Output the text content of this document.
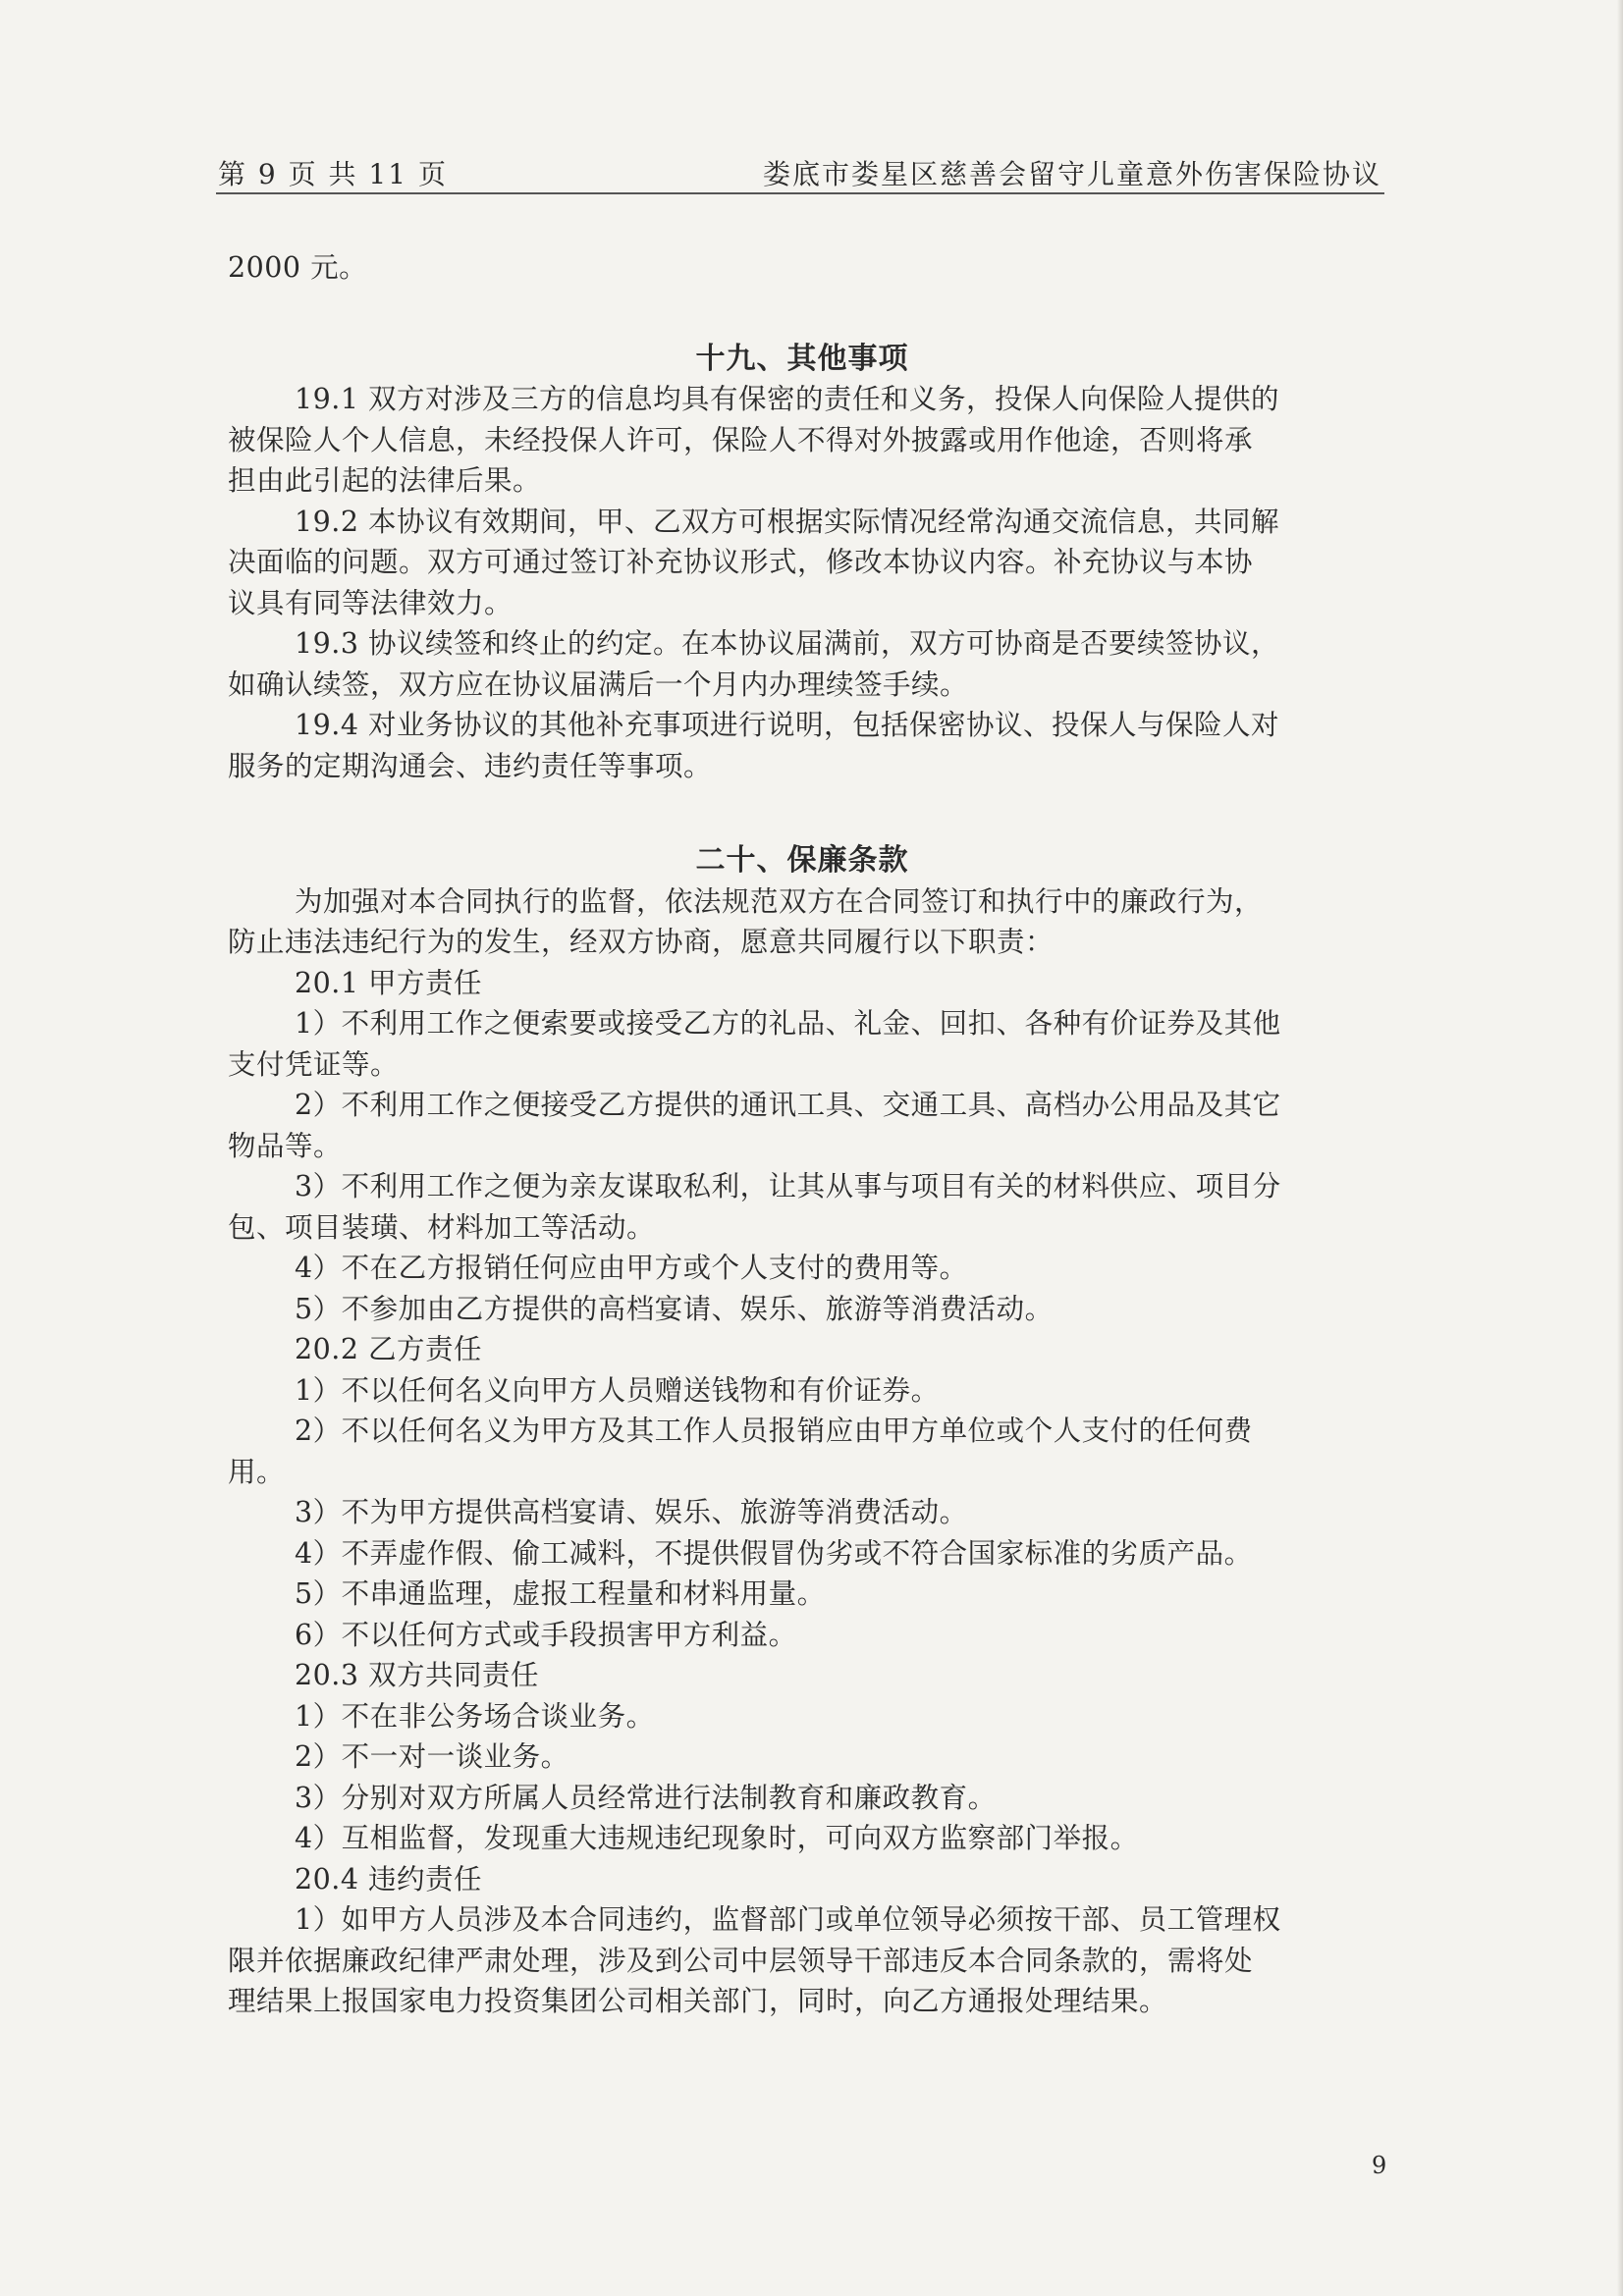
第 9 页 共 11 页	娄底市娄星区慈善会留守儿童意外伤害保险协议

2000 元。

十九、其他事项

19.1 双方对涉及三方的信息均具有保密的责任和义务，投保人向保险人提供的

被保险人个人信息，未经投保人许可，保险人不得对外披露或用作他途，否则将承

担由此引起的法律后果。

19.2 本协议有效期间，甲、乙双方可根据实际情况经常沟通交流信息，共同解

决面临的问题。双方可通过签订补充协议形式，修改本协议内容。补充协议与本协

议具有同等法律效力。

19.3 协议续签和终止的约定。在本协议届满前，双方可协商是否要续签协议，

如确认续签，双方应在协议届满后一个月内办理续签手续。

19.4 对业务协议的其他补充事项进行说明，包括保密协议、投保人与保险人对

服务的定期沟通会、违约责任等事项。

二十、保廉条款

为加强对本合同执行的监督，依法规范双方在合同签订和执行中的廉政行为，

防止违法违纪行为的发生，经双方协商，愿意共同履行以下职责：

20.1 甲方责任

1）不利用工作之便索要或接受乙方的礼品、礼金、回扣、各种有价证券及其他

支付凭证等。

2）不利用工作之便接受乙方提供的通讯工具、交通工具、高档办公用品及其它

物品等。

3）不利用工作之便为亲友谋取私利，让其从事与项目有关的材料供应、项目分

包、项目装璜、材料加工等活动。

4）不在乙方报销任何应由甲方或个人支付的费用等。

5）不参加由乙方提供的高档宴请、娱乐、旅游等消费活动。

20.2 乙方责任

1）不以任何名义向甲方人员赠送钱物和有价证券。

2）不以任何名义为甲方及其工作人员报销应由甲方单位或个人支付的任何费

用。

3）不为甲方提供高档宴请、娱乐、旅游等消费活动。

4）不弄虚作假、偷工减料，不提供假冒伪劣或不符合国家标准的劣质产品。

5）不串通监理，虚报工程量和材料用量。

6）不以任何方式或手段损害甲方利益。

20.3 双方共同责任

1）不在非公务场合谈业务。

2）不一对一谈业务。

3）分别对双方所属人员经常进行法制教育和廉政教育。

4）互相监督，发现重大违规违纪现象时，可向双方监察部门举报。

20.4 违约责任

1）如甲方人员涉及本合同违约，监督部门或单位领导必须按干部、员工管理权

限并依据廉政纪律严肃处理，涉及到公司中层领导干部违反本合同条款的，需将处

理结果上报国家电力投资集团公司相关部门，同时，向乙方通报处理结果。

9
